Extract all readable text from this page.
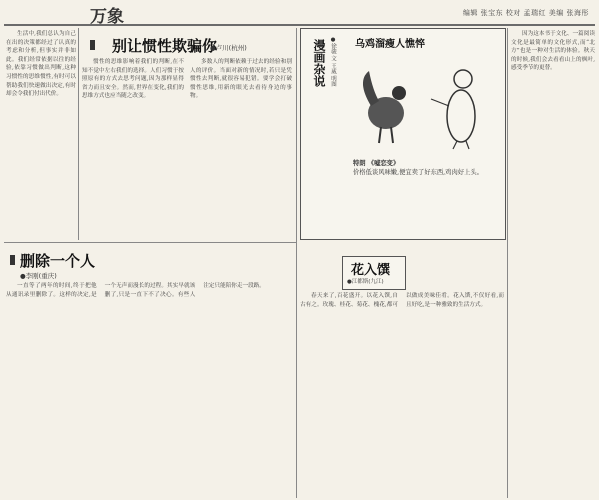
万象	编辑 张宝东 校对 孟瑞红 美编 张海彤

生活中,我们总认为自己在出的决策都经过了认真的考虑和分析,但事实并非如此。我们经常依据以往的经验,依靠习惯做出判断,这种习惯性的思维惯性,有时可以帮助我们快速做出决定,有时却会令我们付出代价。

别让惯性欺骗你
●卢川(杭州)

惯性的思维影响着我们的判断,在不知不觉中左右我们的选择。人们习惯于按照原有的方式去思考问题,因为那样显得省力而且安全。然而,世界在变化,我们的思维方式也应当随之改变。

多数人的判断依赖于过去的经验和别人的评价。当面对新的情况时,若只是凭惯性去判断,就很容易犯错。要学会打破惯性思维,用新的眼光去看待身边的事物。

删除一个人
●李刚(重庆)

一直等了两年的时间,终于把他从通讯录里删除了。这样的决定,是一个无声而漫长的过程。其实早就该删了,只是一直下不了决心。有些人注定只能陪你走一段路。

漫画杂说 ●徐骏 文 王威 明图 乌鸡溜瘦人憔悴
特朗 《嘘恋变》
价格低谈风味嫩,便宜卖了好东西,鸡肉好上头。
花入馔
●江都斯(九江)

春天来了,百花盛开。以花入馔,自古有之。玫瑰、桂花、菊花、槐花,都可以做成美味佳肴。花入馔,不仅好看,而且好吃,是一种雅致的生活方式。

因为这本书于文化、一篇阅读文化是最简单的文化形式,而“北方”也是一种对生活的体验。秋天的时候,我们会去看看山上的枫叶,感受季节的更替。
